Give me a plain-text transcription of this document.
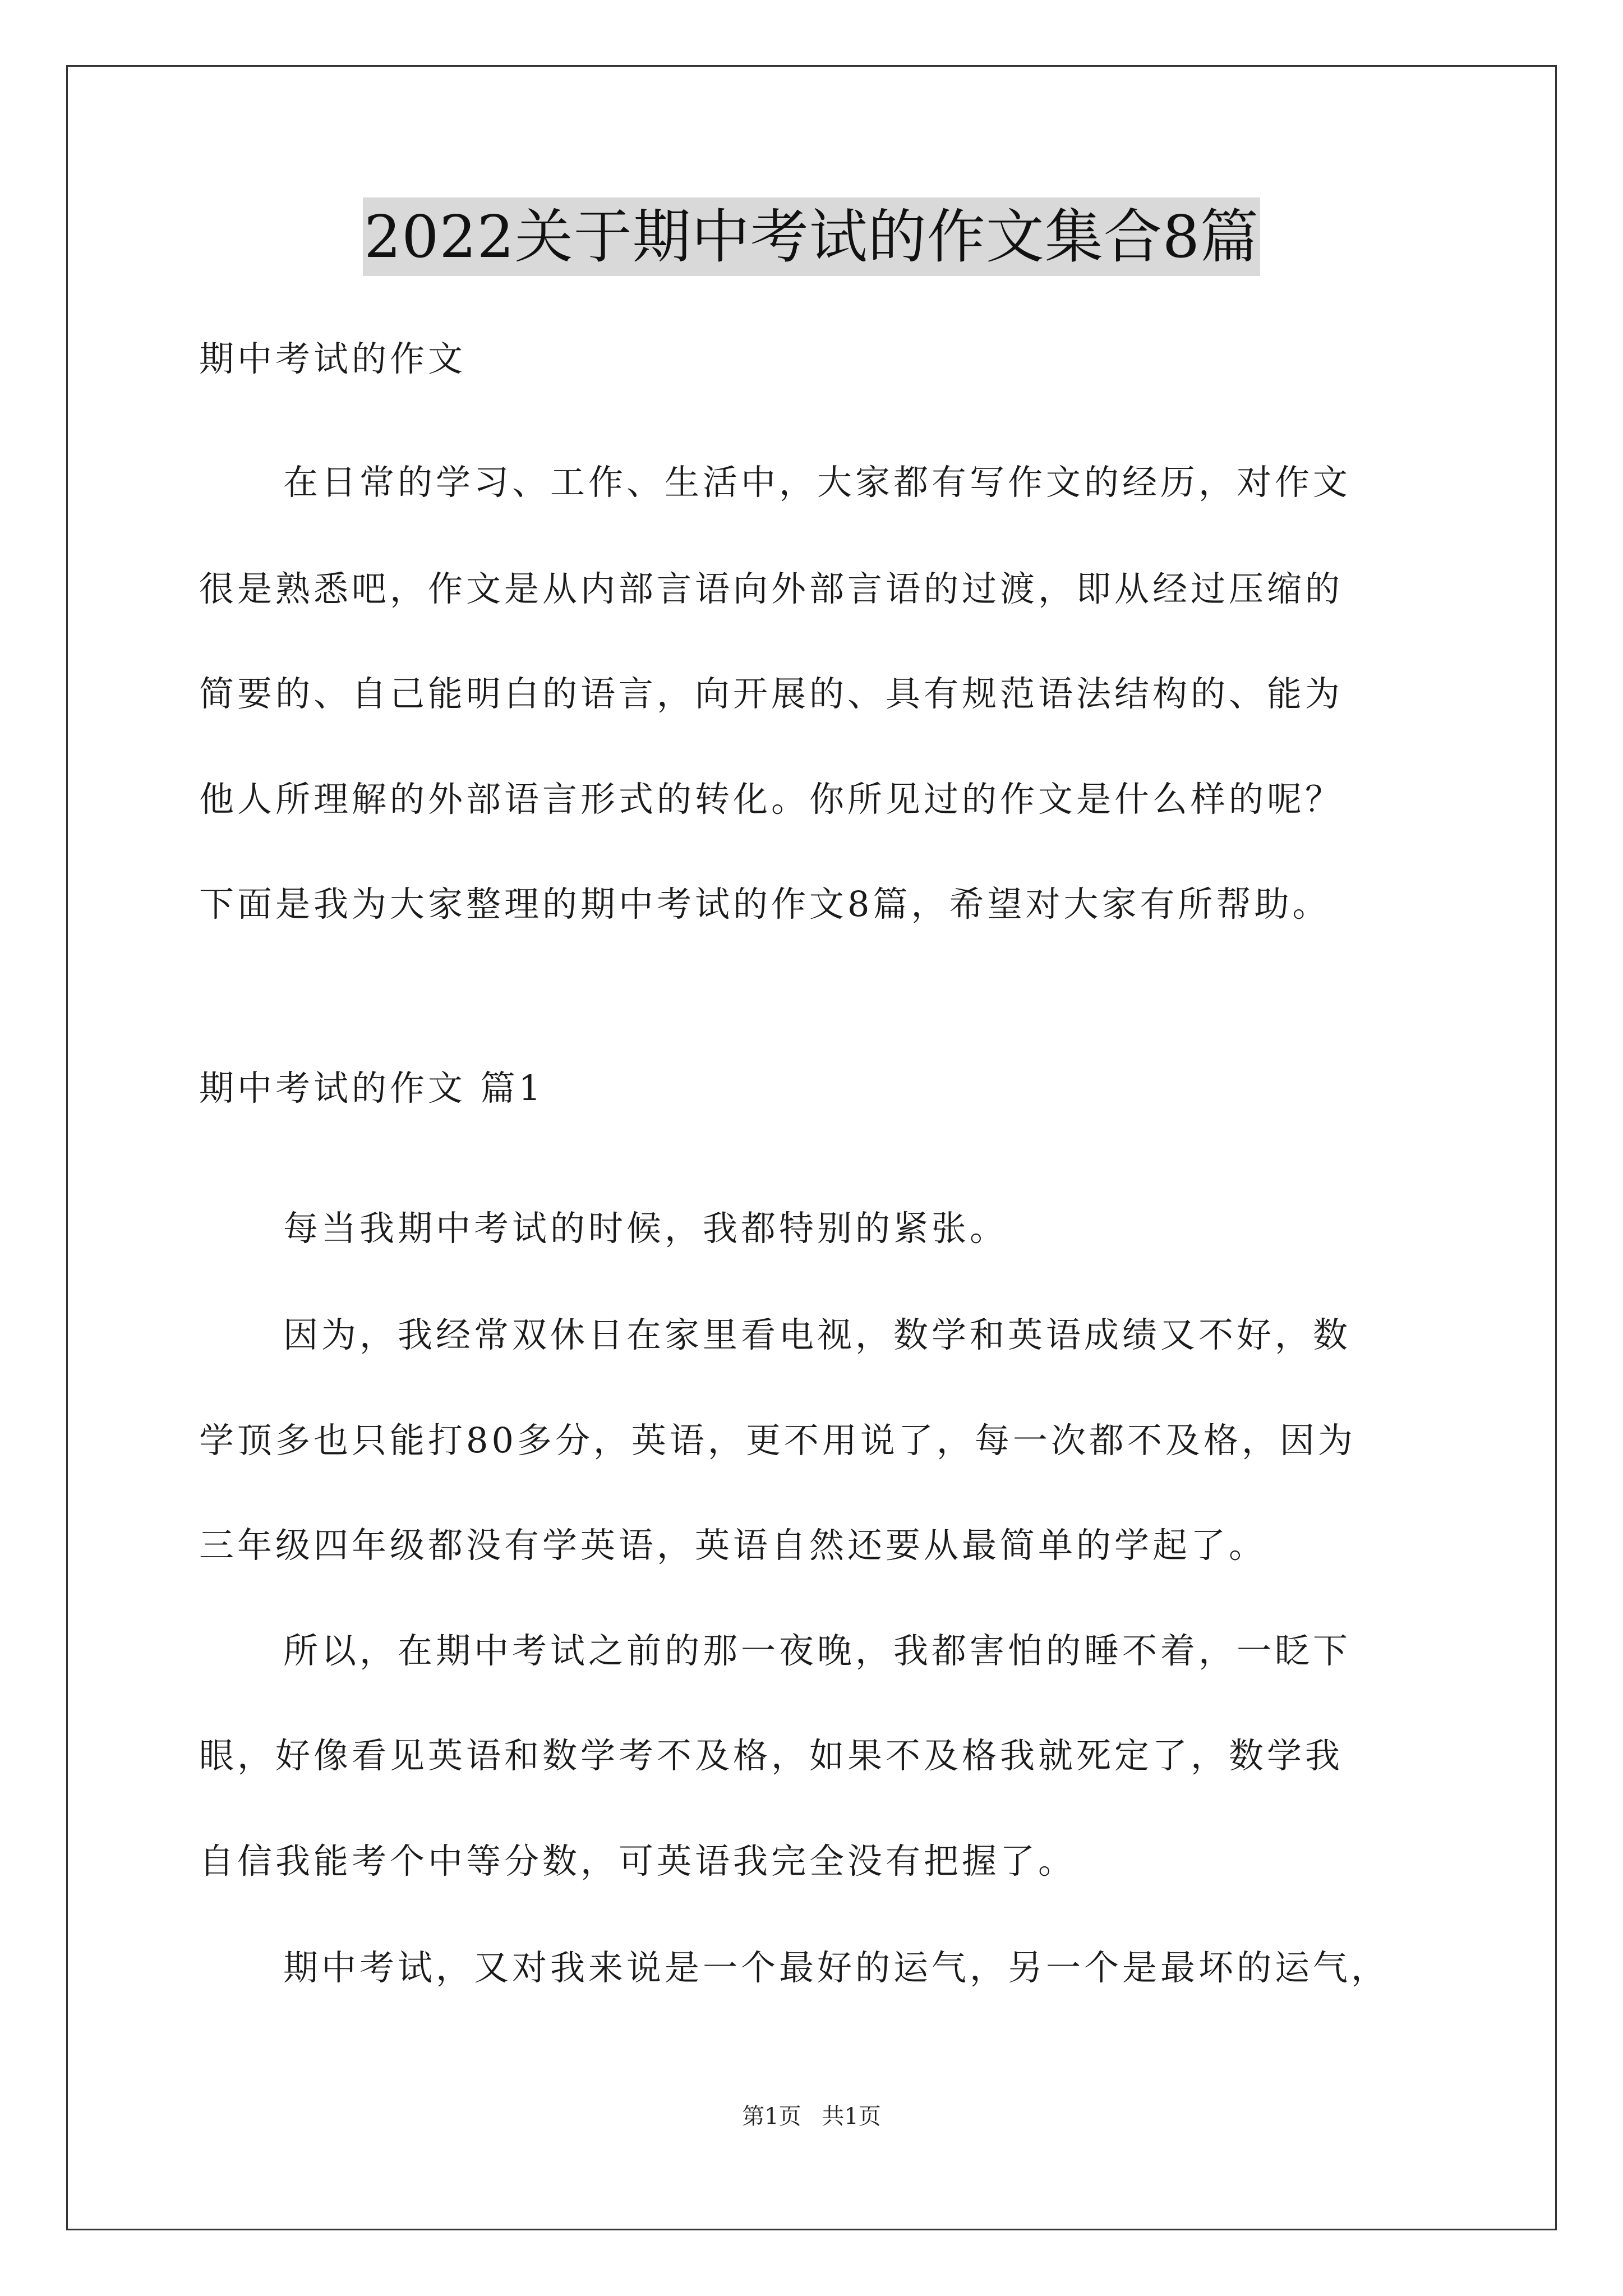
2022关于期中考试的作文集合8篇
期中考试的作文
在日常的学习、工作、生活中，大家都有写作文的经历，对作文
很是熟悉吧，作文是从内部言语向外部言语的过渡，即从经过压缩的
简要的、自己能明白的语言，向开展的、具有规范语法结构的、能为
他人所理解的外部语言形式的转化。你所见过的作文是什么样的呢？
下面是我为大家整理的期中考试的作文8篇，希望对大家有所帮助。
期中考试的作文 篇1
每当我期中考试的时候，我都特别的紧张。
因为，我经常双休日在家里看电视，数学和英语成绩又不好，数
学顶多也只能打80多分，英语，更不用说了，每一次都不及格，因为
三年级四年级都没有学英语，英语自然还要从最简单的学起了。
所以，在期中考试之前的那一夜晚，我都害怕的睡不着，一眨下
眼，好像看见英语和数学考不及格，如果不及格我就死定了，数学我
自信我能考个中等分数，可英语我完全没有把握了。
期中考试，又对我来说是一个最好的运气，另一个是最坏的运气，
第1页 共1页
